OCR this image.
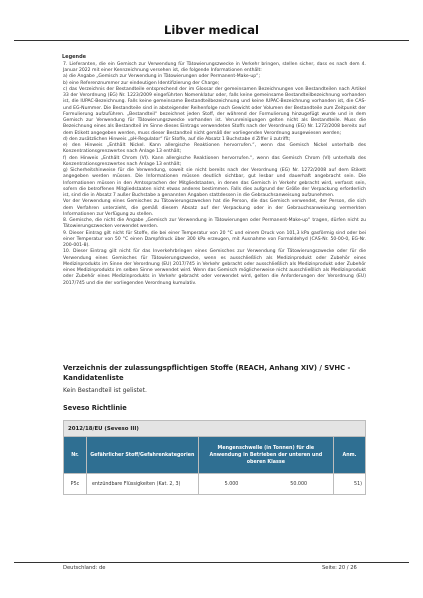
Libver medical
Legende

7. Lieferanten, die ein Gemisch zur Verwendung für Tätowierungszwecke in Verkehr bringen, stellen sicher, dass es nach dem 4. Januar 2022 mit einer Kennzeichnung versehen ist, die folgende Informationen enthält:

a) die Angabe „Gemisch zur Verwendung in Tätowierungen oder Permanent-Make-up“;

b) eine Referenznummer zur eindeutigen Identifizierung der Charge;

c) das Verzeichnis der Bestandteile entsprechend der im Glossar der gemeinsamen Bezeichnungen von Bestandteilen nach Artikel 33 der Verordnung (EG) Nr. 1223/2009 eingeführten Nomenklatur oder, falls keine gemeinsame Bestandteilbezeichnung vorhanden ist, die IUPAC-Bezeichnung. Falls keine gemeinsame Bestandteilbezeichnung und keine IUPAC-Bezeichnung vorhanden ist, die CAS- und EG-Nummer. Die Bestandteile sind in absteigender Reihenfolge nach Gewicht oder Volumen der Bestandteile zum Zeitpunkt der Formulierung aufzuführen. „Bestandteil“ bezeichnet jeden Stoff, der während der Formulierung hinzugefügt wurde und in dem Gemisch zur Verwendung für Tätowierungszwecke vorhanden ist. Verunreinigungen gelten nicht als Bestandteile. Muss die Bezeichnung eines als Bestandteil im Sinne dieses Eintrags verwendeten Stoffs nach der Verordnung (EG) Nr. 1272/2008 bereits auf dem Etikett angegeben werden, muss dieser Bestandteil nicht gemäß der vorliegenden Verordnung ausgewiesen werden;

d) den zusätzlichen Hinweis „pH-Regulator“ für Stoffe, auf die Absatz 1 Buchstabe d Ziffer ii zutrifft;

e) den Hinweis „Enthält Nickel. Kann allergische Reaktionen hervorrufen.“, wenn das Gemisch Nickel unterhalb des Konzentrationsgrenzwertes nach Anlage 13 enthält;

f) den Hinweis „Enthält Chrom (VI). Kann allergische Reaktionen hervorrufen.“, wenn das Gemisch Chrom (VI) unterhalb des Konzentrationsgrenzwertes nach Anlage 13 enthält;

g) Sicherheitshinweise für die Verwendung, soweit sie nicht bereits nach der Verordnung (EG) Nr. 1272/2008 auf dem Etikett angegeben werden müssen. Die Informationen müssen deutlich sichtbar, gut lesbar und dauerhaft angebracht sein. Die Informationen müssen in den Amtssprachen der Mitgliedstaaten, in denen das Gemisch in Verkehr gebracht wird, verfasst sein, sofern die betroffenen Mitgliedstaaten nicht etwas anderes bestimmen. Falls dies aufgrund der Größe der Verpackung erforderlich ist, sind die in Absatz 7 außer Buchstabe a genannten Angaben stattdessen in die Gebrauchsanweisung aufzunehmen.

Vor der Verwendung eines Gemisches zu Tätowierungszwecken hat die Person, die das Gemisch verwendet, der Person, die sich dem Verfahren unterzieht, die gemäß diesem Absatz auf der Verpackung oder in der Gebrauchsanweisung vermerkten Informationen zur Verfügung zu stellen.

8. Gemische, die nicht die Angabe „Gemisch zur Verwendung in Tätowierungen oder Permanent-Make-up“ tragen, dürfen nicht zu Tätowierungszwecken verwendet werden.

9. Dieser Eintrag gilt nicht für Stoffe, die bei einer Temperatur von 20 °C und einem Druck von 101,3 kPa gasförmig sind oder bei einer Temperatur von 50 °C einen Dampfdruck über 300 kPa erzeugen, mit Ausnahme von Formaldehyd (CAS-Nr. 50-00-0, EG-Nr. 200-001-8).

10. Dieser Eintrag gilt nicht für das Inverkehrbringen eines Gemisches zur Verwendung für Tätowierungszwecke oder für die Verwendung eines Gemisches für Tätowierungszwecke, wenn es ausschließlich als Medizinprodukt oder Zubehör eines Medizinprodukts im Sinne der Verordnung (EU) 2017/745 in Verkehr gebracht oder ausschließlich als Medizinprodukt oder Zubehör eines Medizinprodukts im selben Sinne verwendet wird. Wenn das Gemisch möglicherweise nicht ausschließlich als Medizinprodukt oder Zubehör eines Medizinprodukts in Verkehr gebracht oder verwendet wird, gelten die Anforderungen der Verordnung (EU) 2017/745 und die der vorliegenden Verordnung kumulativ.

Verzeichnis der zulassungspflichtigen Stoffe (REACH, Anhang XIV) / SVHC - Kandidatenliste
Kein Bestandteil ist gelistet.
Seveso Richtlinie
2012/18/EU (Seveso III)			
Nr.	Gefährlicher Stoff/Gefahrenkategorien	Mengenschwelle (in Tonnen) für die Anwendung in Betrieben der unteren und oberen Klasse	Anm.
P5c	entzündbare Flüssigkeiten (Kat. 2, 3)	5.000 50.000	51)
Deutschland: de	Seite: 20 / 26
